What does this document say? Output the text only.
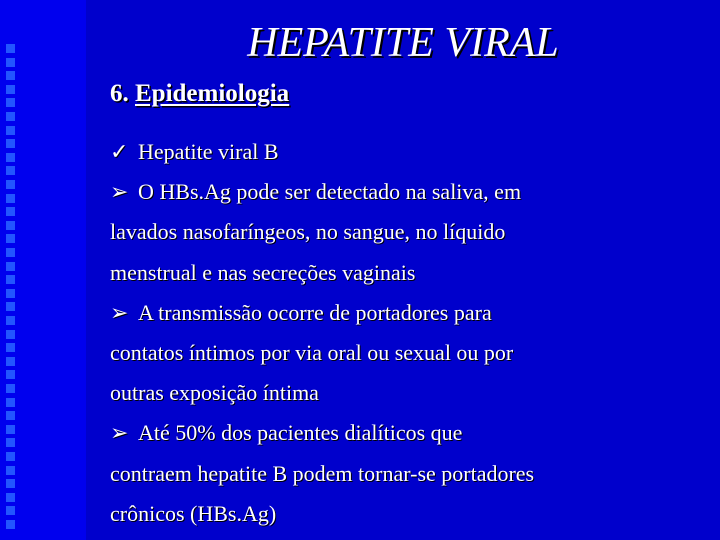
HEPATITE VIRAL
6. Epidemiologia
✓ Hepatite viral B
➢ O HBs.Ag pode ser detectado na saliva, em
lavados nasofaríngeos, no sangue, no líquido
menstrual e nas secreções vaginais
➢ A transmissão ocorre de portadores para
contatos íntimos por via oral ou sexual ou por
outras exposição íntima
➢ Até 50% dos pacientes dialíticos que
contraem hepatite B podem tornar-se portadores
crônicos (HBs.Ag)
